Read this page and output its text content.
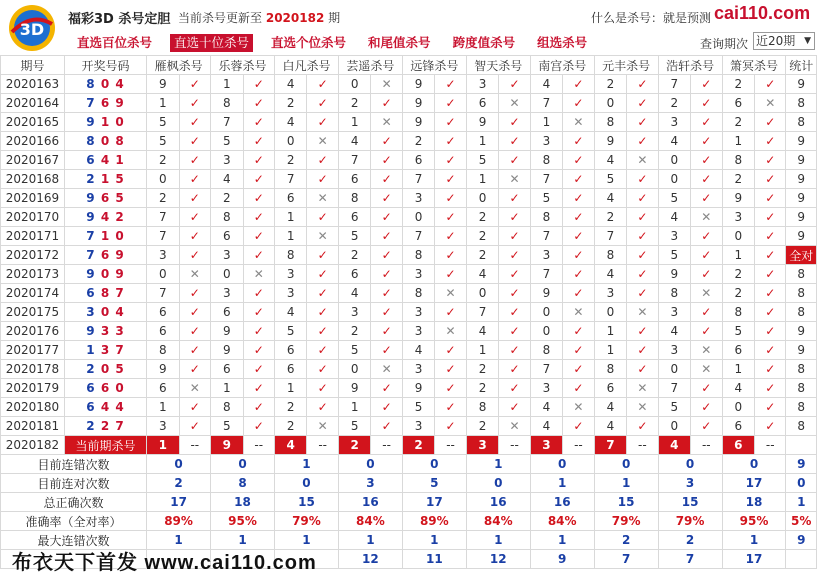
3D
福彩3D 杀号定胆 当前杀号更新至 2020182 期	什么是杀号：就是预测 cai110.com
直选百位杀号	直选十位杀号	直选个位杀号	和尾值杀号	跨度值杀号	组选杀号	查询期次 近20期 ▼
期号	开奖号码	雁枫杀号		乐蓉杀号		白凡杀号		芸遥杀号		远锋杀号		智天杀号		南宫杀号		元丰杀号		浩轩杀号		箫冥杀号		统计
2020163	8 0 4	9	✓	1	✓	4	✓	0	✕	9	✓	3	✓	4	✓	2	✓	7	✓	2	✓	9
2020164	7 6 9	1	✓	8	✓	2	✓	2	✓	9	✓	6	✕	7	✓	0	✓	2	✓	6	✕	8
2020165	9 1 0	5	✓	7	✓	4	✓	1	✕	9	✓	9	✓	1	✕	8	✓	3	✓	2	✓	8
2020166	8 0 8	5	✓	5	✓	0	✕	4	✓	2	✓	1	✓	3	✓	9	✓	4	✓	1	✓	9
2020167	6 4 1	2	✓	3	✓	2	✓	7	✓	6	✓	5	✓	8	✓	4	✕	0	✓	8	✓	9
2020168	2 1 5	0	✓	4	✓	7	✓	6	✓	7	✓	1	✕	7	✓	5	✓	0	✓	2	✓	9
2020169	9 6 5	2	✓	2	✓	6	✕	8	✓	3	✓	0	✓	5	✓	4	✓	5	✓	9	✓	9
2020170	9 4 2	7	✓	8	✓	1	✓	6	✓	0	✓	2	✓	8	✓	2	✓	4	✕	3	✓	9
2020171	7 1 0	7	✓	6	✓	1	✕	5	✓	7	✓	2	✓	7	✓	7	✓	3	✓	0	✓	9
2020172	7 6 9	3	✓	3	✓	8	✓	2	✓	8	✓	2	✓	3	✓	8	✓	5	✓	1	✓	全对
2020173	9 0 9	0	✕	0	✕	3	✓	6	✓	3	✓	4	✓	7	✓	4	✓	9	✓	2	✓	8
2020174	6 8 7	7	✓	3	✓	3	✓	4	✓	8	✕	0	✓	9	✓	3	✓	8	✕	2	✓	8
2020175	3 0 4	6	✓	6	✓	4	✓	3	✓	3	✓	7	✓	0	✕	0	✕	3	✓	8	✓	8
2020176	9 3 3	6	✓	9	✓	5	✓	2	✓	3	✕	4	✓	0	✓	1	✓	4	✓	5	✓	9
2020177	1 3 7	8	✓	9	✓	6	✓	5	✓	4	✓	1	✓	8	✓	1	✓	3	✕	6	✓	9
2020178	2 0 5	9	✓	6	✓	6	✓	0	✕	3	✓	2	✓	7	✓	8	✓	0	✕	1	✓	8
2020179	6 6 0	6	✕	1	✓	1	✓	9	✓	9	✓	2	✓	3	✓	6	✕	7	✓	4	✓	8
2020180	6 4 4	1	✓	8	✓	2	✓	1	✓	5	✓	8	✓	4	✕	4	✕	5	✓	0	✓	8
2020181	2 2 7	3	✓	5	✓	2	✕	5	✓	3	✓	2	✕	4	✓	4	✓	0	✓	6	✓	8
2020182	当前期杀号	1	--	9	--	4	--	2	--	2	--	3	--	3	--	7	--	4	--	6	--	
目前连错次数		0		0		1		0		0		1		0		0		0		0		9
目前连对次数		2		8		0		3		5		0		1		1		3		17		0
总正确次数		17		18		15		16		17		16		16		15		15		18		1
准确率（全对率）		89%		95%		79%		84%		89%		84%		84%		79%		79%		95%		5%
最大连错次数		1		1		1		1		1		1		1		2		2		1		9
								12		11		12		9		7		7		17		
布衣天下首发 www.cai110.com
